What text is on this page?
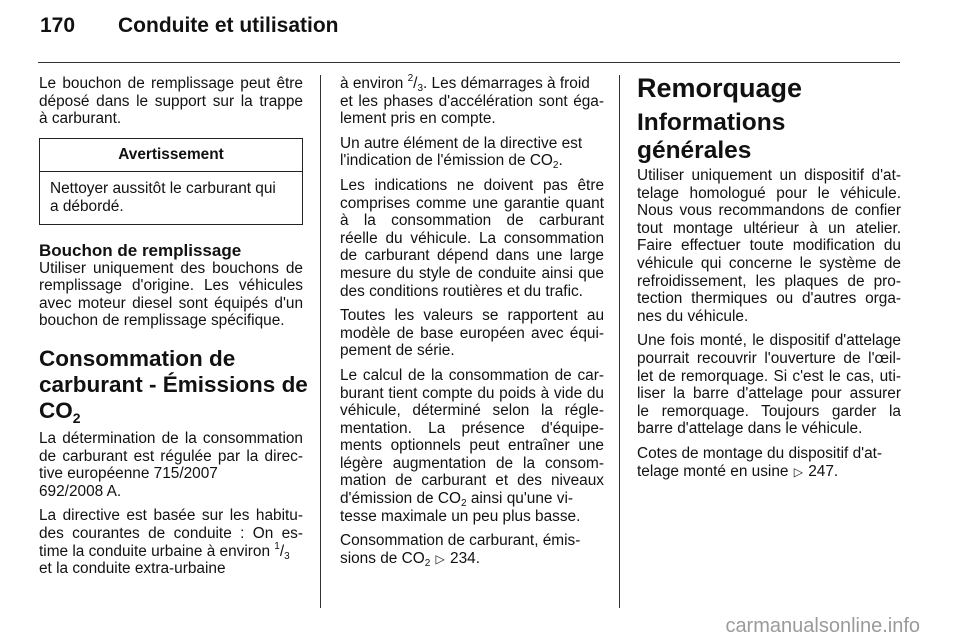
170 Conduite et utilisation

Le bouchon de remplissage peut être
déposé dans le support sur la trappe
à carburant.

Avertissement
Nettoyer aussitôt le carburant qui
a débordé.
Bouchon de remplissage

Utiliser uniquement des bouchons de
remplissage d'origine. Les véhicules
avec moteur diesel sont équipés d'un
bouchon de remplissage spécifique.

Consommation de
carburant - Émissions de
$CO_2$

La détermination de la consommation
de carburant est régulée par la direc-
tive européenne 715/2007
692/2008 A.

La directive est basée sur les habitu-
des courantes de conduite : On es-
time la conduite urbaine à environ $^1/_3$
et la conduite extra-urbaine

à environ $^2/_3$. Les démarrages à froid
et les phases d'accélération sont éga-
lement pris en compte.

Un autre élément de la directive est
l'indication de l'émission de $CO_2$.

Les indications ne doivent pas être
comprises comme une garantie quant
à la consommation de carburant
réelle du véhicule. La consommation
de carburant dépend dans une large
mesure du style de conduite ainsi que
des conditions routières et du trafic.

Toutes les valeurs se rapportent au
modèle de base européen avec équi-
pement de série.

Le calcul de la consommation de car-
burant tient compte du poids à vide du
véhicule, déterminé selon la régle-
mentation. La présence d'équipe-
ments optionnels peut entraîner une
légère augmentation de la consom-
mation de carburant et des niveaux
d'émission de $CO_2$ ainsi qu'une vi-
tesse maximale un peu plus basse.

Consommation de carburant, émis-
sions de $CO_2$ ▷ 234.

Remorquage
Informations générales

Utiliser uniquement un dispositif d'at-
telage homologué pour le véhicule.
Nous vous recommandons de confier
tout montage ultérieur à un atelier.
Faire effectuer toute modification du
véhicule qui concerne le système de
refroidissement, les plaques de pro-
tection thermiques ou d'autres orga-
nes du véhicule.

Une fois monté, le dispositif d'attelage
pourrait recouvrir l'ouverture de l'œil-
let de remorquage. Si c'est le cas, uti-
liser la barre d'attelage pour assurer
le remorquage. Toujours garder la
barre d'attelage dans le véhicule.

Cotes de montage du dispositif d'at-
telage monté en usine ▷ 247.

carmanualsonline.info
